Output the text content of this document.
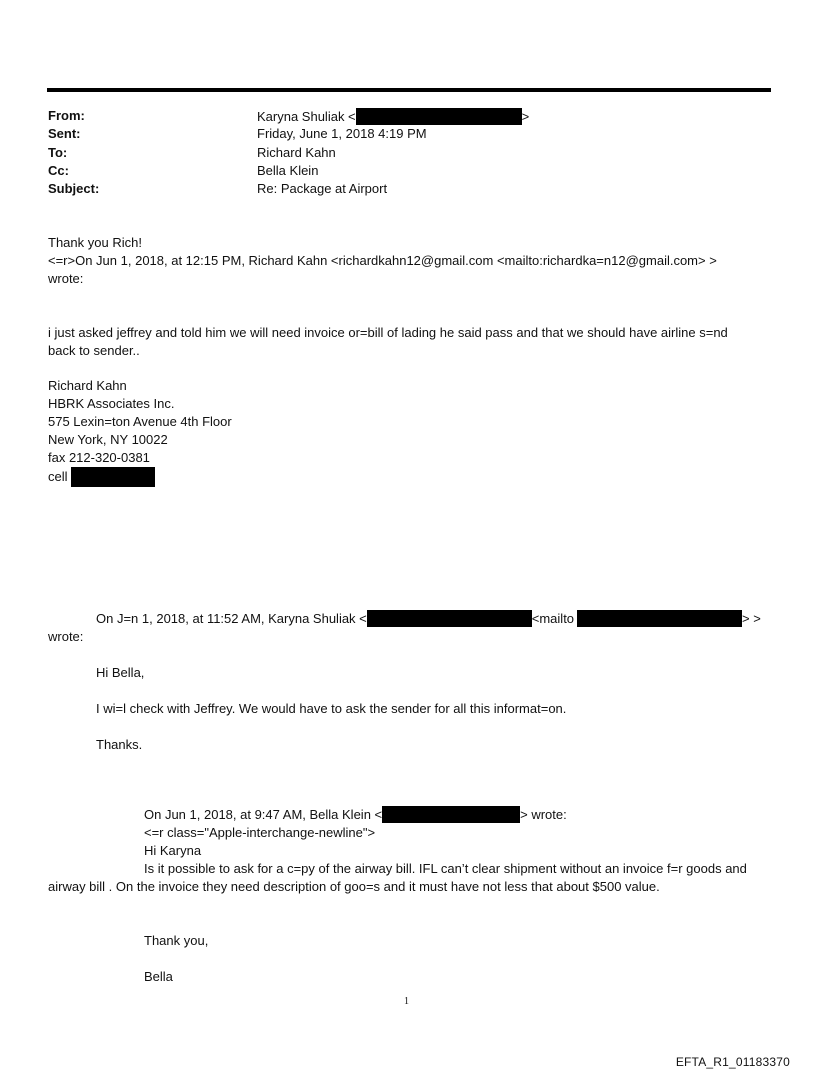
From:	Karyna Shuliak <	>
Sent:	Friday, June 1, 2018 4:19 PM
To:	Richard Kahn
Cc:	Bella Klein
Subject:	Re: Package at Airport
Thank you Rich!
<=r>On Jun 1, 2018, at 12:15 PM, Richard Kahn <richardkahn12@gmail.com <mailto:richardka=n12@gmail.com> >
wrote:
i just asked jeffrey and told him we will need invoice or=bill of lading he said pass and that we should have airline s=nd
back to sender..
Richard Kahn
HBRK Associates Inc.
575 Lexin=ton Avenue 4th Floor
New York, NY 10022
fax 212-320-0381
cell
On J=n 1, 2018, at 11:52 AM, Karyna Shuliak <	<mailto	> >
wrote:
Hi Bella,
I wi=l check with Jeffrey. We would have to ask the sender for all this informat=on.
Thanks.
On Jun 1, 2018, at 9:47 AM, Bella Klein <	> wrote:
<=r class="Apple-interchange-newline">
Hi Karyna
Is it possible to ask for a c=py of the airway bill. IFL can’t clear shipment without an invoice f=r goods and
airway bill . On the invoice they need description of goo=s and it must have not less that about $500 value.
Thank you,
Bella
1
EFTA_R1_01183370
